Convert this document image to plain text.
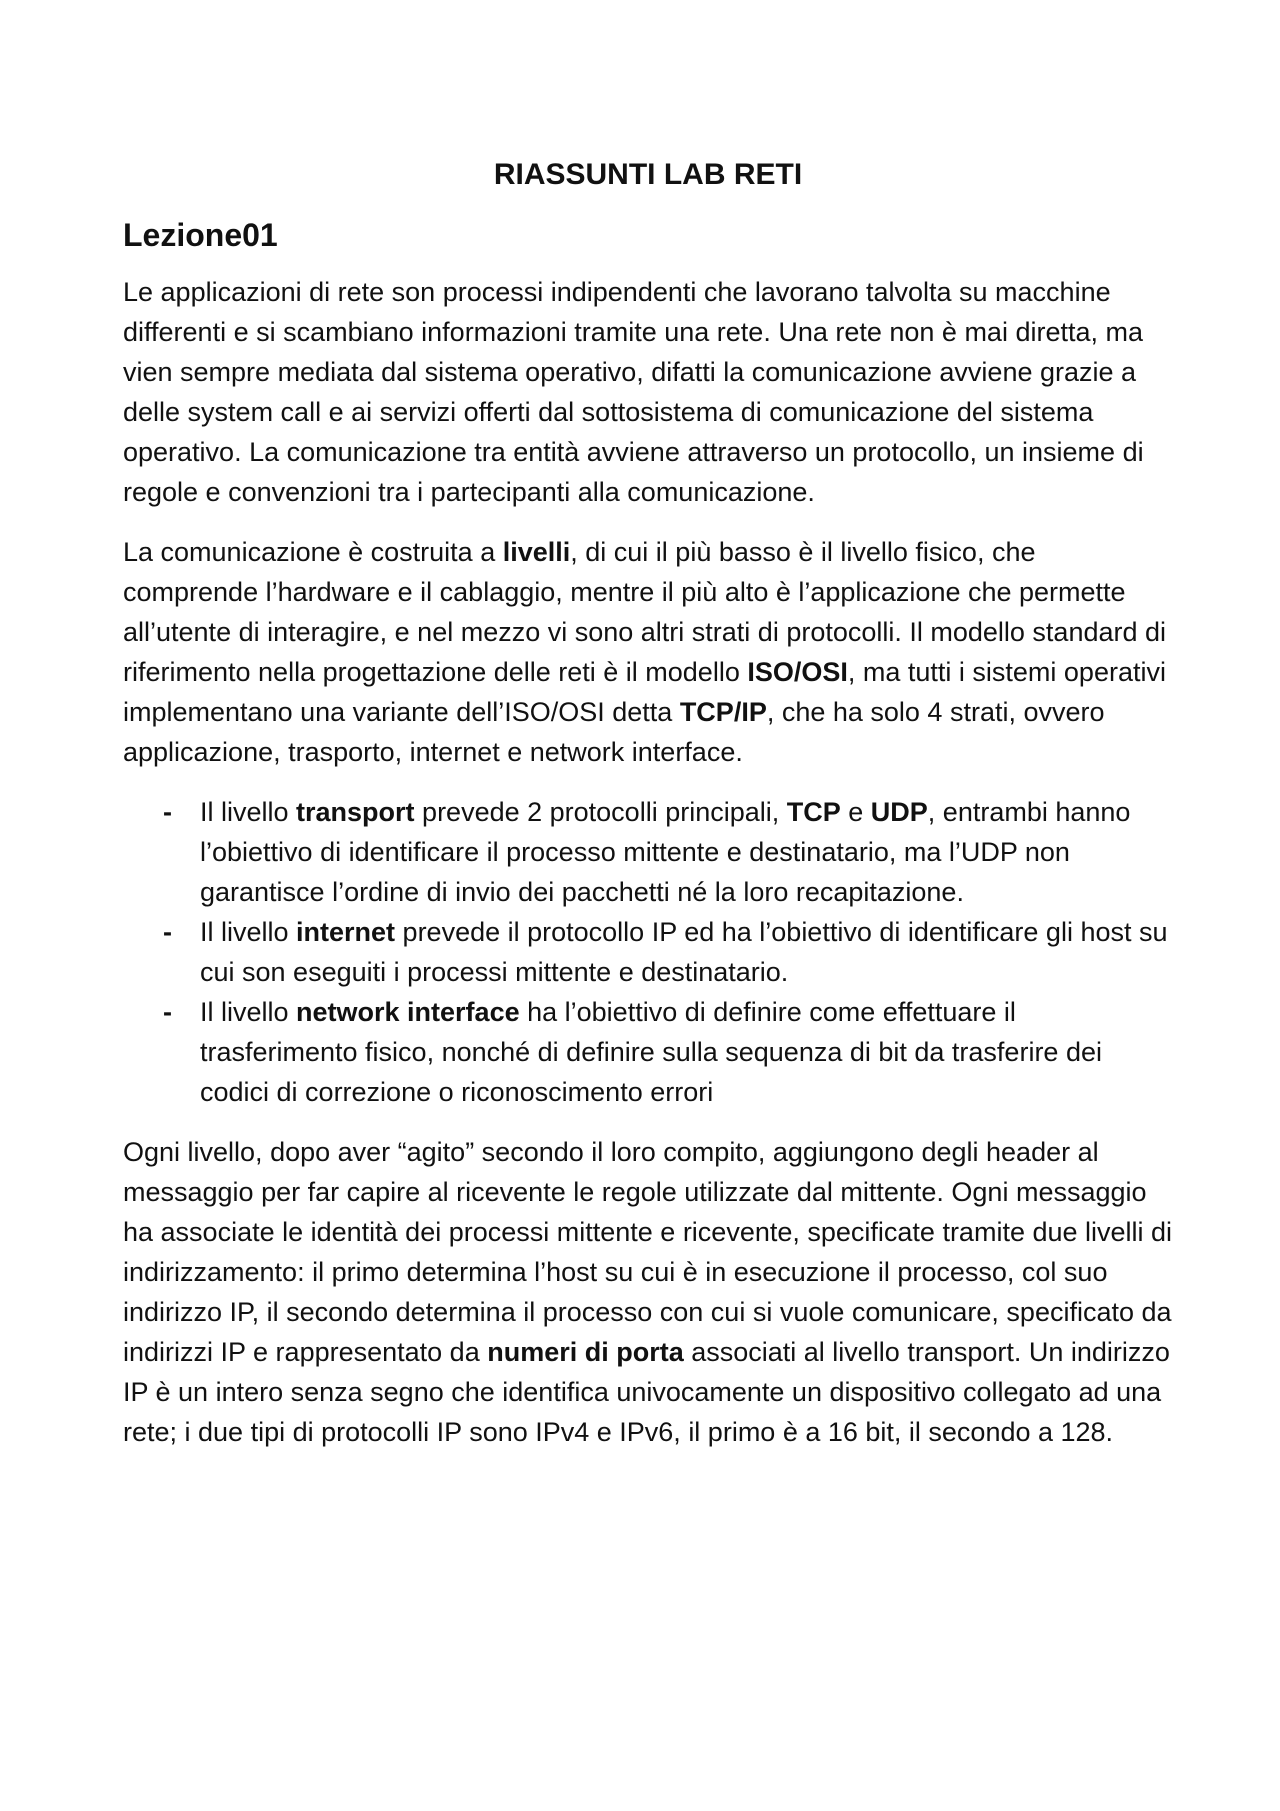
RIASSUNTI LAB RETI
Lezione01

Le applicazioni di rete son processi indipendenti che lavorano talvolta su macchine differenti e si scambiano informazioni tramite una rete. Una rete non è mai diretta, ma vien sempre mediata dal sistema operativo, difatti la comunicazione avviene grazie a delle system call e ai servizi offerti dal sottosistema di comunicazione del sistema operativo. La comunicazione tra entità avviene attraverso un protocollo, un insieme di regole e convenzioni tra i partecipanti alla comunicazione.

La comunicazione è costruita a livelli, di cui il più basso è il livello fisico, che comprende l’hardware e il cablaggio, mentre il più alto è l’applicazione che permette all’utente di interagire, e nel mezzo vi sono altri strati di protocolli. Il modello standard di riferimento nella progettazione delle reti è il modello ISO/OSI, ma tutti i sistemi operativi implementano una variante dell’ISO/OSI detta TCP/IP, che ha solo 4 strati, ovvero applicazione, trasporto, internet e network interface.

- Il livello transport prevede 2 protocolli principali, TCP e UDP, entrambi hanno l’obiettivo di identificare il processo mittente e destinatario, ma l’UDP non garantisce l’ordine di invio dei pacchetti né la loro recapitazione.
- Il livello internet prevede il protocollo IP ed ha l’obiettivo di identificare gli host su cui son eseguiti i processi mittente e destinatario.
- Il livello network interface ha l’obiettivo di definire come effettuare il trasferimento fisico, nonché di definire sulla sequenza di bit da trasferire dei codici di correzione o riconoscimento errori

Ogni livello, dopo aver “agito” secondo il loro compito, aggiungono degli header al messaggio per far capire al ricevente le regole utilizzate dal mittente. Ogni messaggio ha associate le identità dei processi mittente e ricevente, specificate tramite due livelli di indirizzamento: il primo determina l’host su cui è in esecuzione il processo, col suo indirizzo IP, il secondo determina il processo con cui si vuole comunicare, specificato da indirizzi IP e rappresentato da numeri di porta associati al livello transport. Un indirizzo IP è un intero senza segno che identifica univocamente un dispositivo collegato ad una rete; i due tipi di protocolli IP sono IPv4 e IPv6, il primo è a 16 bit, il secondo a 128.
